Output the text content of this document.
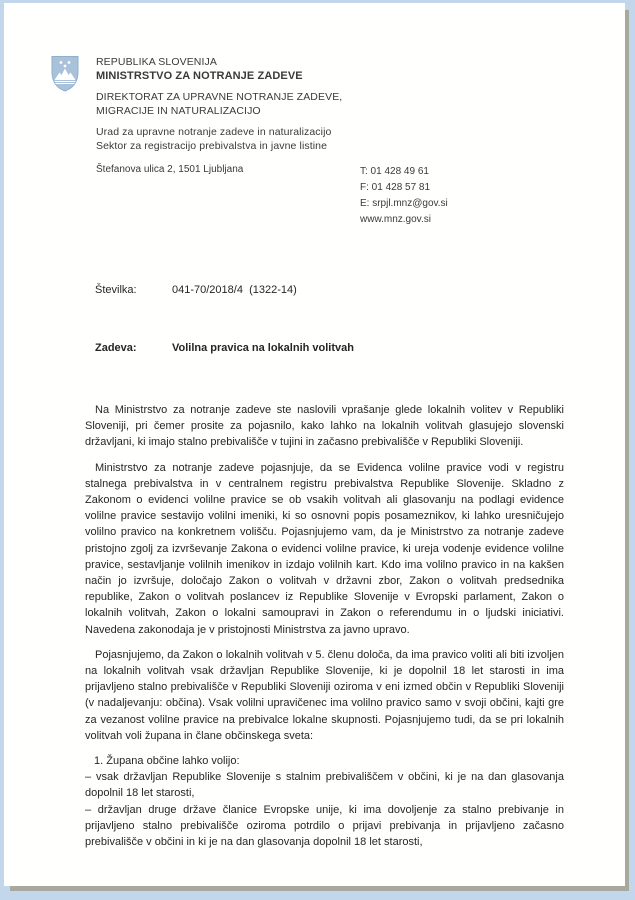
REPUBLIKA SLOVENIJA
MINISTRSTVO ZA NOTRANJE ZADEVE
DIREKTORAT ZA UPRAVNE NOTRANJE ZADEVE,
MIGRACIJE IN NATURALIZACIJO
Urad za upravne notranje zadeve in naturalizacijo
Sektor za registracijo prebivalstva in javne listine
Štefanova ulica 2, 1501 Ljubljana	T: 01 428 49 61
F: 01 428 57 81
E: srpjl.mnz@gov.si
www.mnz.gov.si
Številka:	041-70/2018/4  (1322-14)
Zadeva:	Volilna pravica na lokalnih volitvah

Na Ministrstvo za notranje zadeve ste naslovili vprašanje glede lokalnih volitev v Republiki Sloveniji, pri čemer prosite za pojasnilo, kako lahko na lokalnih volitvah glasujejo slovenski državljani, ki imajo stalno prebivališče v tujini in začasno prebivališče v Republiki Sloveniji.

Ministrstvo za notranje zadeve pojasnjuje, da se Evidenca volilne pravice vodi v registru stalnega prebivalstva in v centralnem registru prebivalstva Republike Slovenije. Skladno z Zakonom o evidenci volilne pravice se ob vsakih volitvah ali glasovanju na podlagi evidence volilne pravice sestavijo volilni imeniki, ki so osnovni popis posameznikov, ki lahko uresničujejo volilno pravico na konkretnem volišču. Pojasnjujemo vam, da je Ministrstvo za notranje zadeve pristojno zgolj za izvrševanje Zakona o evidenci volilne pravice, ki ureja vodenje evidence volilne pravice, sestavljanje volilnih imenikov in izdajo volilnih kart. Kdo ima volilno pravico in na kakšen način jo izvršuje, določajo Zakon o volitvah v državni zbor, Zakon o volitvah predsednika republike, Zakon o volitvah poslancev iz Republike Slovenije v Evropski parlament, Zakon o lokalnih volitvah, Zakon o lokalni samoupravi in Zakon o referendumu in o ljudski iniciativi. Navedena zakonodaja je v pristojnosti Ministrstva za javno upravo.

Pojasnjujemo, da Zakon o lokalnih volitvah v 5. členu določa, da ima pravico voliti ali biti izvoljen na lokalnih volitvah vsak državljan Republike Slovenije, ki je dopolnil 18 let starosti in ima prijavljeno stalno prebivališče v Republiki Sloveniji oziroma v eni izmed občin v Republiki Sloveniji (v nadaljevanju: občina). Vsak volilni upravičenec ima volilno pravico samo v svoji občini, kajti gre za vezanost volilne pravice na prebivalce lokalne skupnosti. Pojasnjujemo tudi, da se pri lokalnih volitvah voli župana in člane občinskega sveta:

1. Župana občine lahko volijo:

– vsak državljan Republike Slovenije s stalnim prebivališčem v občini, ki je na dan glasovanja dopolnil 18 let starosti,

– državljan druge države članice Evropske unije, ki ima dovoljenje za stalno prebivanje in prijavljeno stalno prebivališče oziroma potrdilo o prijavi prebivanja in prijavljeno začasno prebivališče v občini in ki je na dan glasovanja dopolnil 18 let starosti,
